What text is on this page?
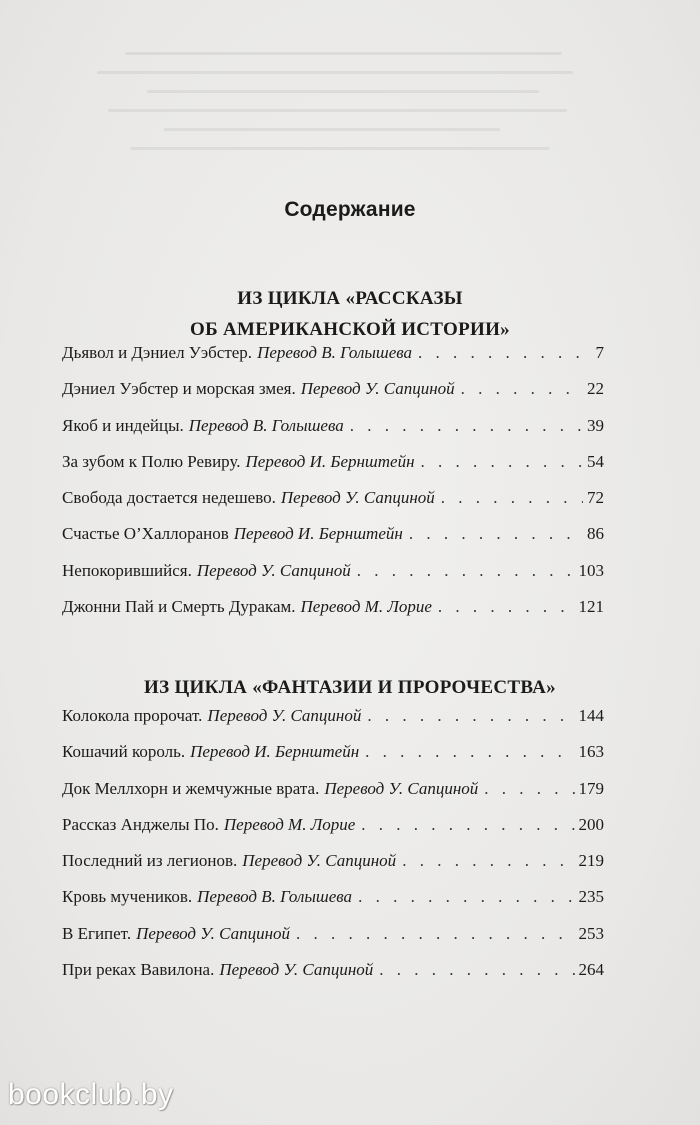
Содержание
ИЗ ЦИКЛА «РАССКАЗЫ
ОБ АМЕРИКАНСКОЙ ИСТОРИИ»
Дьявол и Дэниел Уэбстер. Перевод В. Голышева . . .	7
Дэниел Уэбстер и морская змея. Перевод У. Сапциной . . .	22
Якоб и индейцы. Перевод В. Голышева . . .	39
За зубом к Полю Ревиру. Перевод И. Бернштейн . . .	54
Свобода достается недешево. Перевод У. Сапциной . . .	72
Счастье О’Халлоранов Перевод И. Бернштейн . . .	86
Непокорившийся. Перевод У. Сапциной . . .	103
Джонни Пай и Смерть Дуракам. Перевод М. Лорие . . .	121
ИЗ ЦИКЛА «ФАНТАЗИИ И ПРОРОЧЕСТВА»
Колокола пророчат. Перевод У. Сапциной . . .	144
Кошачий король. Перевод И. Бернштейн . . .	163
Док Меллхорн и жемчужные врата. Перевод У. Сапциной . . .	179
Рассказ Анджелы По. Перевод М. Лорие . . .	200
Последний из легионов. Перевод У. Сапциной . . .	219
Кровь мучеников. Перевод В. Голышева . . .	235
В Египет. Перевод У. Сапциной . . .	253
При реках Вавилона. Перевод У. Сапциной . . .	264
bookclub.by
